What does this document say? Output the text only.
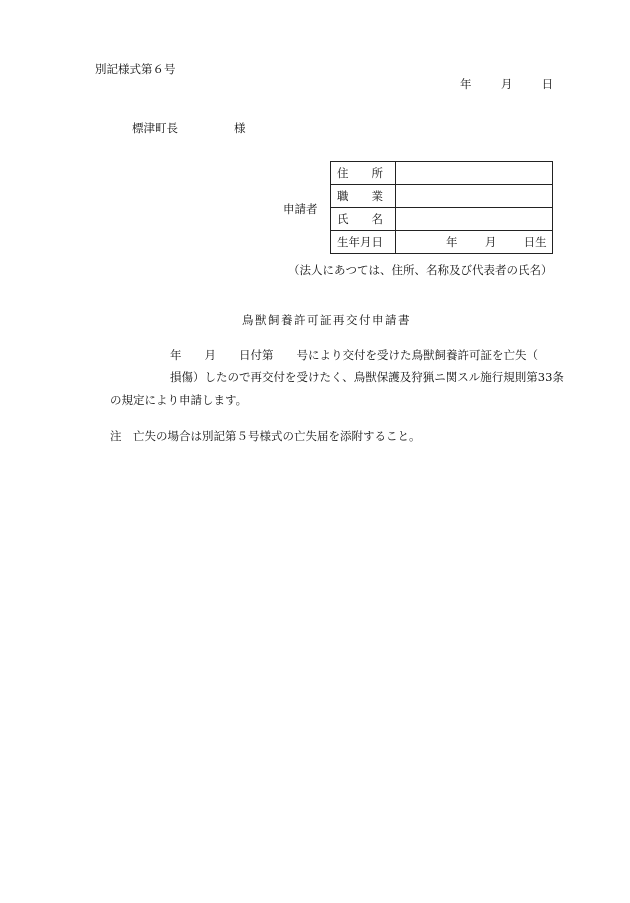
別記様式第６号
年	月	日
標津町長	様
申請者
住　所	
職　業	
氏　名	
生年月日	年 月 日生
（法人にあつては、住所、名称及び代表者の氏名）
鳥獣飼養許可証再交付申請書
年　　月　　日付第　　号により交付を受けた鳥獣飼養許可証を亡失（
損傷）したので再交付を受けたく、鳥獣保護及狩猟ニ関スル施行規則第33条
の規定により申請します。
注　亡失の場合は別記第５号様式の亡失届を添附すること。
